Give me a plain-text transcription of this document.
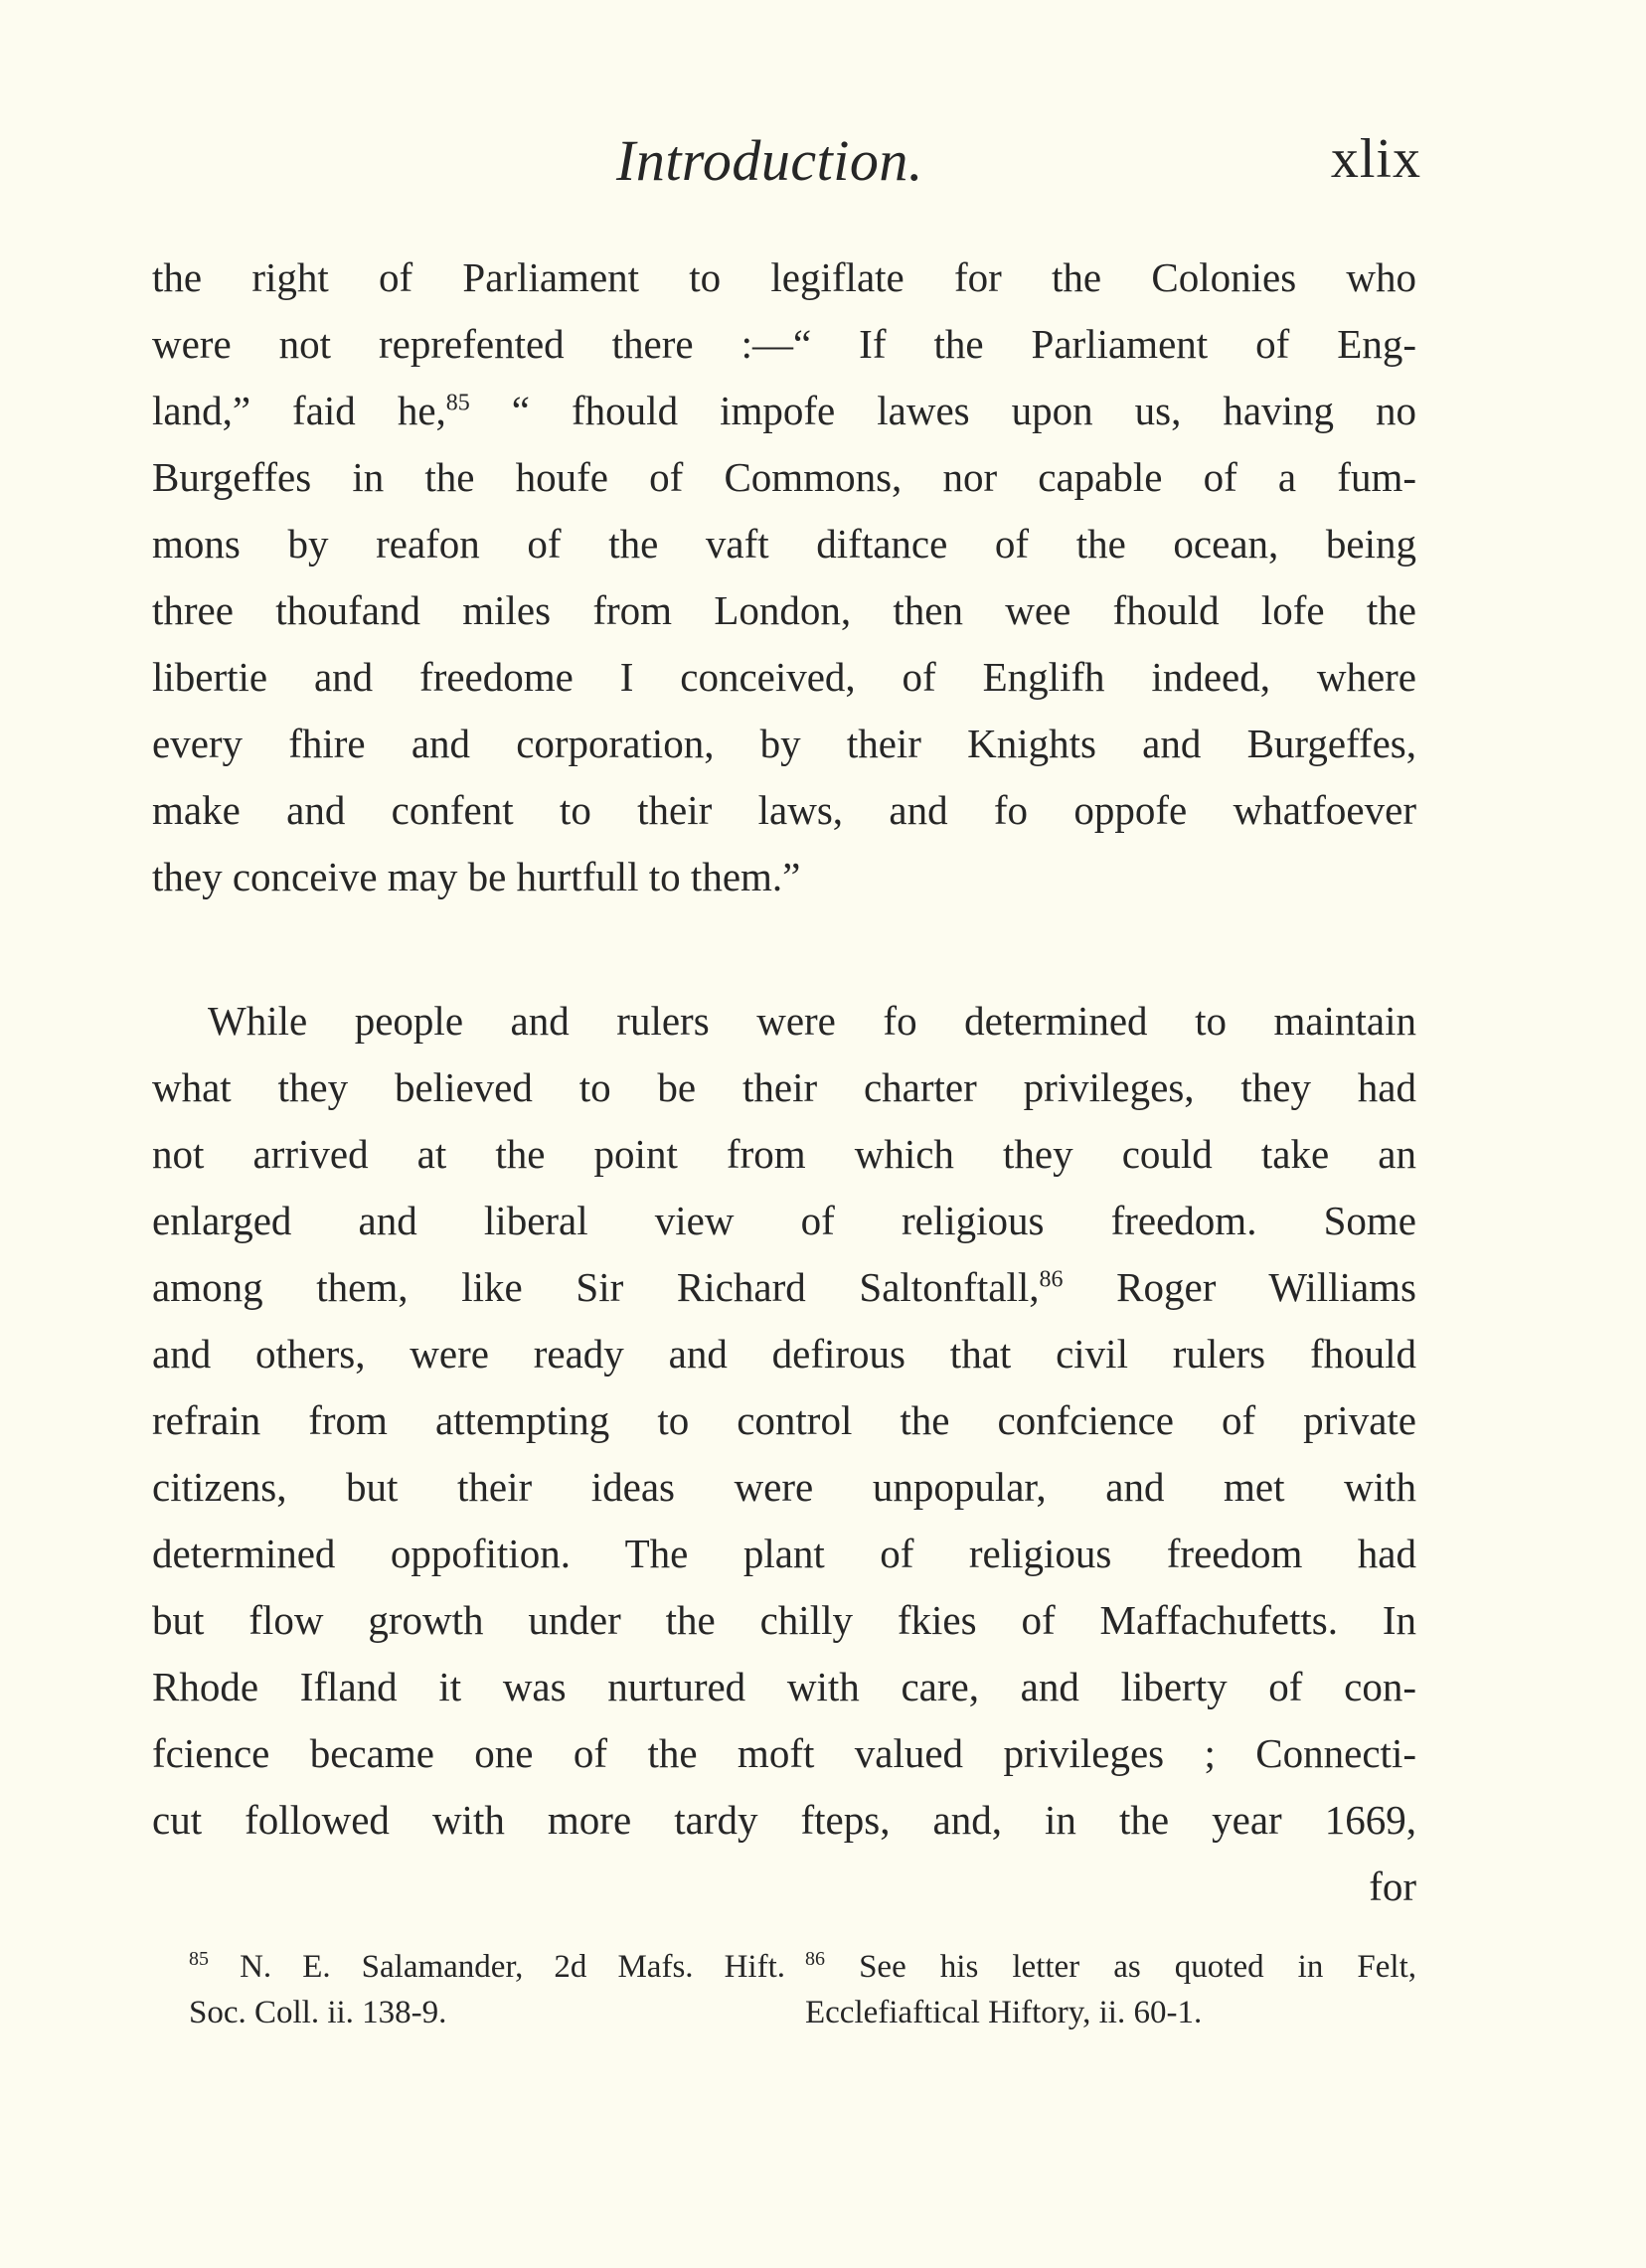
Introduction.	xlix
the right of Parliament to legiflate for the Colonies who
were not reprefented there :—“ If the Parliament of Eng-
land,” faid he,$^{85}$ “ fhould impofe lawes upon us, having no
Burgeffes in the houfe of Commons, nor capable of a fum-
mons by reafon of the vaft diftance of the ocean, being
three thoufand miles from London, then wee fhould lofe the
libertie and freedome I conceived, of Englifh indeed, where
every fhire and corporation, by their Knights and Burgeffes,
make and confent to their laws, and fo oppofe whatfoever
they conceive may be hurtfull to them.”
While people and rulers were fo determined to maintain
what they believed to be their charter privileges, they had
not arrived at the point from which they could take an
enlarged and liberal view of religious freedom. Some
among them, like Sir Richard Saltonftall,$^{86}$ Roger Williams
and others, were ready and defirous that civil rulers fhould
refrain from attempting to control the confcience of private
citizens, but their ideas were unpopular, and met with
determined oppofition. The plant of religious freedom had
but flow growth under the chilly fkies of Maffachufetts. In
Rhode Ifland it was nurtured with care, and liberty of con-
fcience became one of the moft valued privileges ; Connecti-
cut followed with more tardy fteps, and, in the year 1669,
for
$^{85}$ N. E. Salamander, 2d Mafs. Hift.
Soc. Coll. ii. 138-9.
$^{86}$ See his letter as quoted in Felt,
Ecclefiaftical Hiftory, ii. 60-1.
